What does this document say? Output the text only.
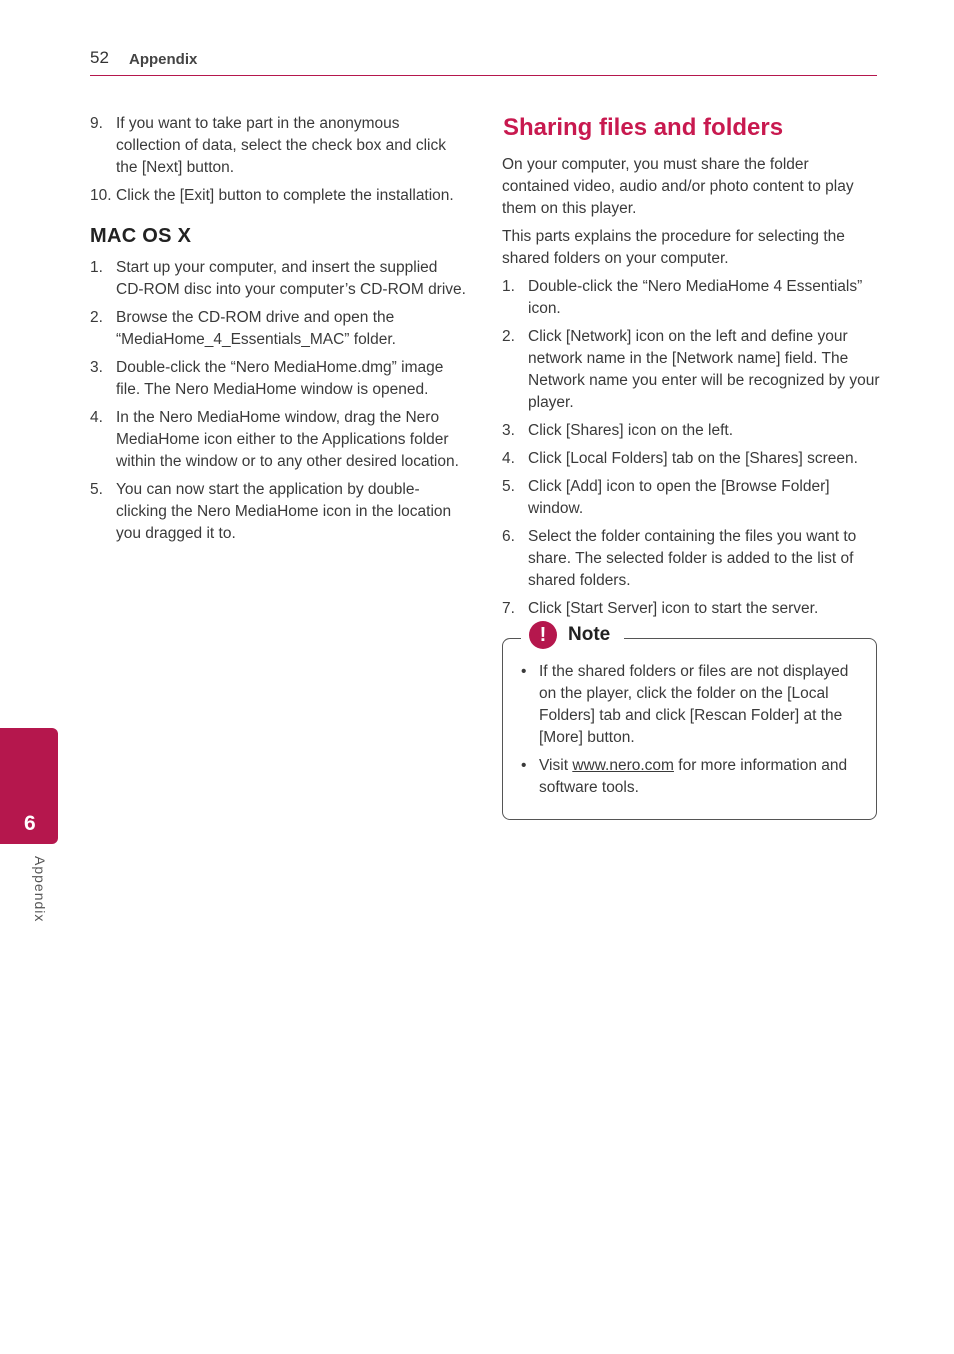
52 Appendix
9. If you want to take part in the anonymous collection of data, select the check box and click the [Next] button.
10. Click the [Exit] button to complete the installation.
MAC OS X
1. Start up your computer, and insert the supplied CD-ROM disc into your computer’s CD-ROM drive.
2. Browse the CD-ROM drive and open the “MediaHome_4_Essentials_MAC” folder.
3. Double-click the “Nero MediaHome.dmg” image file. The Nero MediaHome window is opened.
4. In the Nero MediaHome window, drag the Nero MediaHome icon either to the Applications folder within the window or to any other desired location.
5. You can now start the application by double-clicking the Nero MediaHome icon in the location you dragged it to.
Sharing files and folders

On your computer, you must share the folder contained video, audio and/or photo content to play them on this player.

This parts explains the procedure for selecting the shared folders on your computer.

1. Double-click the “Nero MediaHome 4 Essentials” icon.
2. Click [Network] icon on the left and define your network name in the [Network name] field. The Network name you enter will be recognized by your player.
3. Click [Shares] icon on the left.
4. Click [Local Folders] tab on the [Shares] screen.
5. Click [Add] icon to open the [Browse Folder] window.
6. Select the folder containing the files you want to share. The selected folder is added to the list of shared folders.
7. Click [Start Server] icon to start the server.
!	Note
• If the shared folders or files are not displayed on the player, click the folder on the [Local Folders] tab and click [Rescan Folder] at the [More] button.
• Visit www.nero.com for more information and software tools.
6
Appendix
